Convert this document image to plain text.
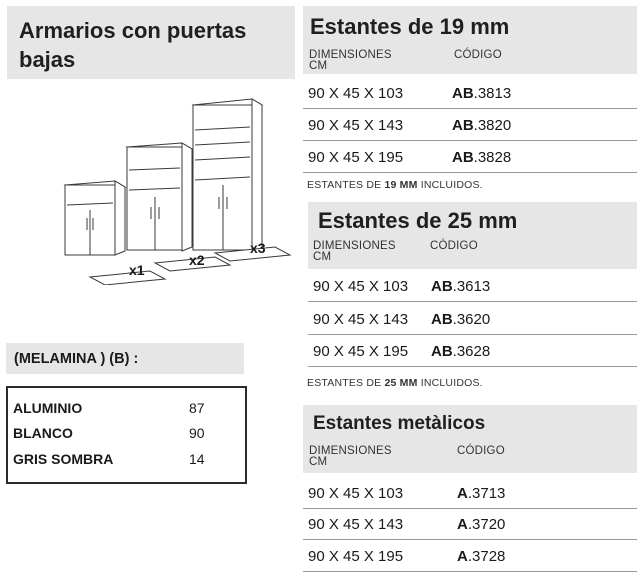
Armarios con puertas
bajas
x1
x2
x3
(MELAMINA ) (B) :
ALUMINIO	87
BLANCO	90
GRIS SOMBRA	14
Estantes de 19 mm
DIMENSIONES
CM
CÓDIGO
90 X 45 X 103	AB.3813
90 X 45 X 143	AB.3820
90 X 45 X 195	AB.3828
ESTANTES DE 19 MM INCLUIDOS.
Estantes de 25 mm
DIMENSIONES
CM
CÓDIGO
90 X 45 X 103 AB.3613
90 X 45 X 143 AB.3620
90 X 45 X 195 AB.3628
ESTANTES DE 25 MM INCLUIDOS.
Estantes metàlicos
DIMENSIONES
CM
CÓDIGO
90 X 45 X 103	A.3713
90 X 45 X 143	A.3720
90 X 45 X 195	A.3728
